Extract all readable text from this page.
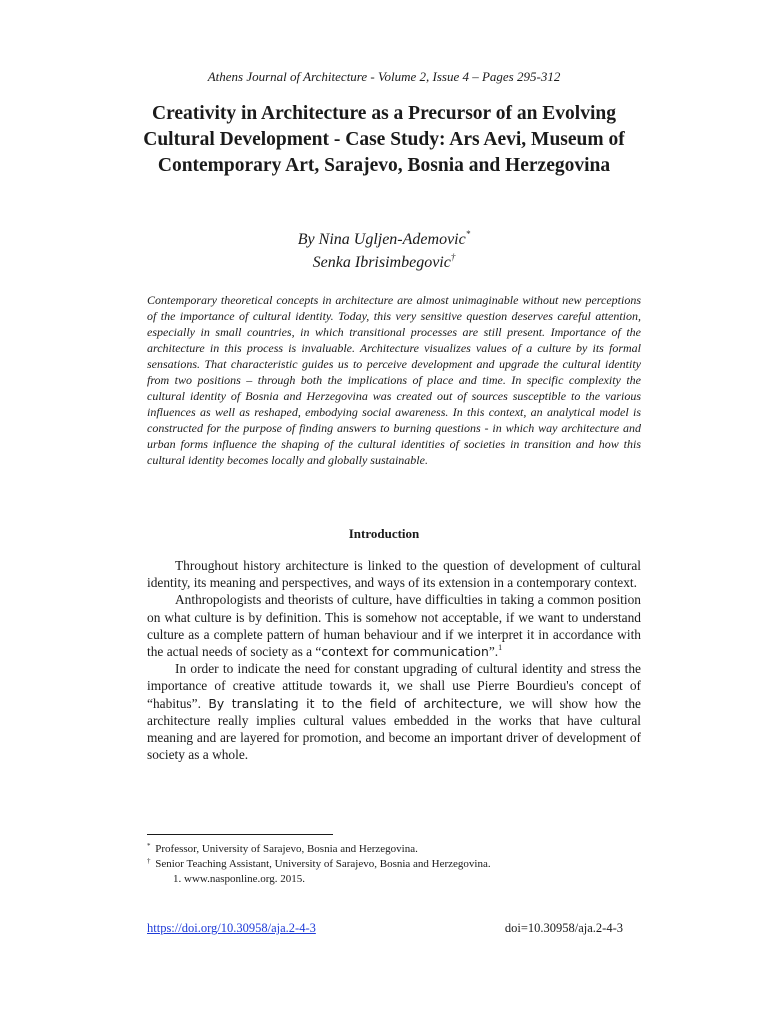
Athens Journal of Architecture - Volume 2, Issue 4 – Pages 295-312
Creativity in Architecture as a Precursor of an Evolving Cultural Development - Case Study: Ars Aevi, Museum of Contemporary Art, Sarajevo, Bosnia and Herzegovina
By Nina Ugljen-Ademovic*
Senka Ibrisimbegovic†

Contemporary theoretical concepts in architecture are almost unimaginable without new perceptions of the importance of cultural identity. Today, this very sensitive question deserves careful attention, especially in small countries, in which transitional processes are still present. Importance of the architecture in this process is invaluable. Architecture visualizes values of a culture by its formal sensations. That characteristic guides us to perceive development and upgrade the cultural identity from two positions – through both the implications of place and time. In specific complexity the cultural identity of Bosnia and Herzegovina was created out of sources susceptible to the various influences as well as reshaped, embodying social awareness. In this context, an analytical model is constructed for the purpose of finding answers to burning questions - in which way architecture and urban forms influence the shaping of the cultural identities of societies in transition and how this cultural identity becomes locally and globally sustainable.

Introduction

Throughout history architecture is linked to the question of development of cultural identity, its meaning and perspectives, and ways of its extension in a contemporary context.

Anthropologists and theorists of culture, have difficulties in taking a common position on what culture is by definition. This is somehow not acceptable, if we want to understand culture as a complete pattern of human behaviour and if we interpret it in accordance with the actual needs of society as a “context for communication”.$^1$

In order to indicate the need for constant upgrading of cultural identity and stress the importance of creative attitude towards it, we shall use Pierre Bourdieu's concept of “habitus”. By translating it to the field of architecture, we will show how the architecture really implies cultural values embedded in the works that have cultural meaning and are layered for promotion, and become an important driver of development of society as a whole.

* Professor, University of Sarajevo, Bosnia and Herzegovina.
† Senior Teaching Assistant, University of Sarajevo, Bosnia and Herzegovina.
1. www.nasponline.org. 2015.
https://doi.org/10.30958/aja.2-4-3	doi=10.30958/aja.2-4-3
